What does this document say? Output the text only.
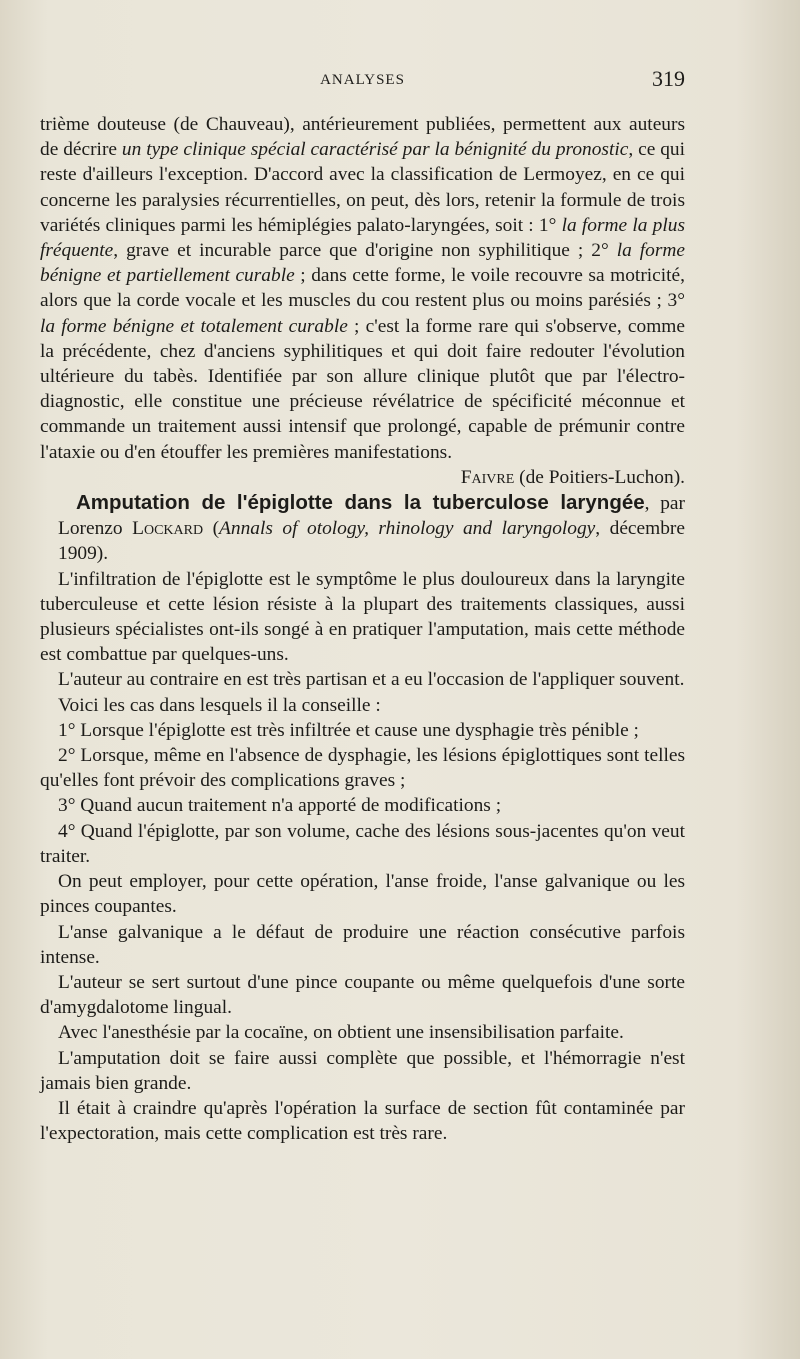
ANALYSES	319

trième douteuse (de Chauveau), antérieurement publiées, permettent aux auteurs de décrire un type clinique spécial caractérisé par la bénignité du pronostic, ce qui reste d'ailleurs l'exception. D'accord avec la classification de Lermoyez, en ce qui concerne les paralysies récurrentielles, on peut, dès lors, retenir la formule de trois variétés cliniques parmi les hémiplégies palato-laryngées, soit : 1° la forme la plus fréquente, grave et incurable parce que d'origine non syphilitique ; 2° la forme bénigne et partiellement curable ; dans cette forme, le voile recouvre sa motricité, alors que la corde vocale et les muscles du cou restent plus ou moins parésiés ; 3° la forme bénigne et totalement curable ; c'est la forme rare qui s'observe, comme la précédente, chez d'anciens syphilitiques et qui doit faire redouter l'évolution ultérieure du tabès. Identifiée par son allure clinique plutôt que par l'électro-diagnostic, elle constitue une précieuse révélatrice de spécificité méconnue et commande un traitement aussi intensif que prolongé, capable de prémunir contre l'ataxie ou d'en étouffer les premières manifestations.
Faivre (de Poitiers-Luchon).

Amputation de l'épiglotte dans la tuberculose laryngée, par Lorenzo Lockard (Annals of otology, rhinology and laryngology, décembre 1909).

L'infiltration de l'épiglotte est le symptôme le plus douloureux dans la laryngite tuberculeuse et cette lésion résiste à la plupart des traitements classiques, aussi plusieurs spécialistes ont-ils songé à en pratiquer l'amputation, mais cette méthode est combattue par quelques-uns.

L'auteur au contraire en est très partisan et a eu l'occasion de l'appliquer souvent.

Voici les cas dans lesquels il la conseille :

1° Lorsque l'épiglotte est très infiltrée et cause une dysphagie très pénible ;

2° Lorsque, même en l'absence de dysphagie, les lésions épiglottiques sont telles qu'elles font prévoir des complications graves ;

3° Quand aucun traitement n'a apporté de modifications ;

4° Quand l'épiglotte, par son volume, cache des lésions sous-jacentes qu'on veut traiter.

On peut employer, pour cette opération, l'anse froide, l'anse galvanique ou les pinces coupantes.

L'anse galvanique a le défaut de produire une réaction consécutive parfois intense.

L'auteur se sert surtout d'une pince coupante ou même quelquefois d'une sorte d'amygdalotome lingual.

Avec l'anesthésie par la cocaïne, on obtient une insensibilisation parfaite.

L'amputation doit se faire aussi complète que possible, et l'hémorragie n'est jamais bien grande.

Il était à craindre qu'après l'opération la surface de section fût contaminée par l'expectoration, mais cette complication est très rare.
